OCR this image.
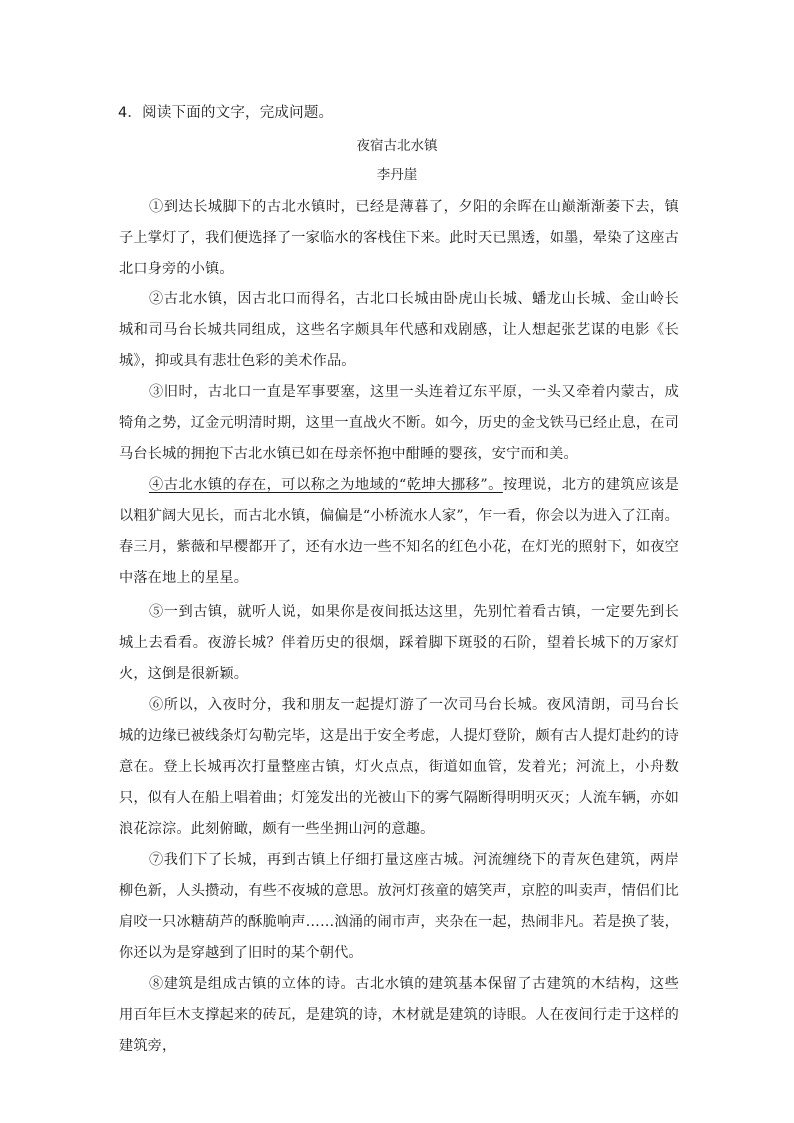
4．阅读下面的文字，完成问题。
夜宿古北水镇
李丹崖
①到达长城脚下的古北水镇时，已经是薄暮了，夕阳的余晖在山巅渐渐萎下去，镇子上掌灯了，我们便选择了一家临水的客栈住下来。此时天已黑透，如墨，晕染了这座古北口身旁的小镇。
②古北水镇，因古北口而得名，古北口长城由卧虎山长城、蟠龙山长城、金山岭长城和司马台长城共同组成，这些名字颇具年代感和戏剧感，让人想起张艺谋的电影《长城》，抑或具有悲壮色彩的美术作品。
③旧时，古北口一直是军事要塞，这里一头连着辽东平原，一头又牵着内蒙古，成犄角之势，辽金元明清时期，这里一直战火不断。如今，历史的金戈铁马已经止息，在司马台长城的拥抱下古北水镇已如在母亲怀抱中酣睡的婴孩，安宁而和美。
④古北水镇的存在，可以称之为地域的“乾坤大挪移”。按理说，北方的建筑应该是以粗犷阔大见长，而古北水镇，偏偏是“小桥流水人家”，乍一看，你会以为进入了江南。春三月，紫薇和早樱都开了，还有水边一些不知名的红色小花，在灯光的照射下，如夜空中落在地上的星星。
⑤一到古镇，就听人说，如果你是夜间抵达这里，先别忙着看古镇，一定要先到长城上去看看。夜游长城？伴着历史的很烟，踩着脚下斑驳的石阶，望着长城下的万家灯火，这倒是很新颖。
⑥所以，入夜时分，我和朋友一起提灯游了一次司马台长城。夜风清朗，司马台长城的边缘已被线条灯勾勒完毕，这是出于安全考虑，人提灯登阶，颇有古人提灯赴约的诗意在。登上长城再次打量整座古镇，灯火点点，街道如血管，发着光；河流上，小舟数只，似有人在船上唱着曲；灯笼发出的光被山下的雾气隔断得明明灭灭；人流车辆，亦如浪花淙淙。此刻俯瞰，颇有一些坐拥山河的意趣。
⑦我们下了长城，再到古镇上仔细打量这座古城。河流缠绕下的青灰色建筑，两岸柳色新，人头攒动，有些不夜城的意思。放河灯孩童的嬉笑声，京腔的叫卖声，情侣们比肩咬一只冰糖葫芦的酥脆响声……汹涌的闹市声，夹杂在一起，热闹非凡。若是换了装，你还以为是穿越到了旧时的某个朝代。
⑧建筑是组成古镇的立体的诗。古北水镇的建筑基本保留了古建筑的木结构，这些用百年巨木支撑起来的砖瓦，是建筑的诗，木材就是建筑的诗眼。人在夜间行走于这样的建筑旁，
